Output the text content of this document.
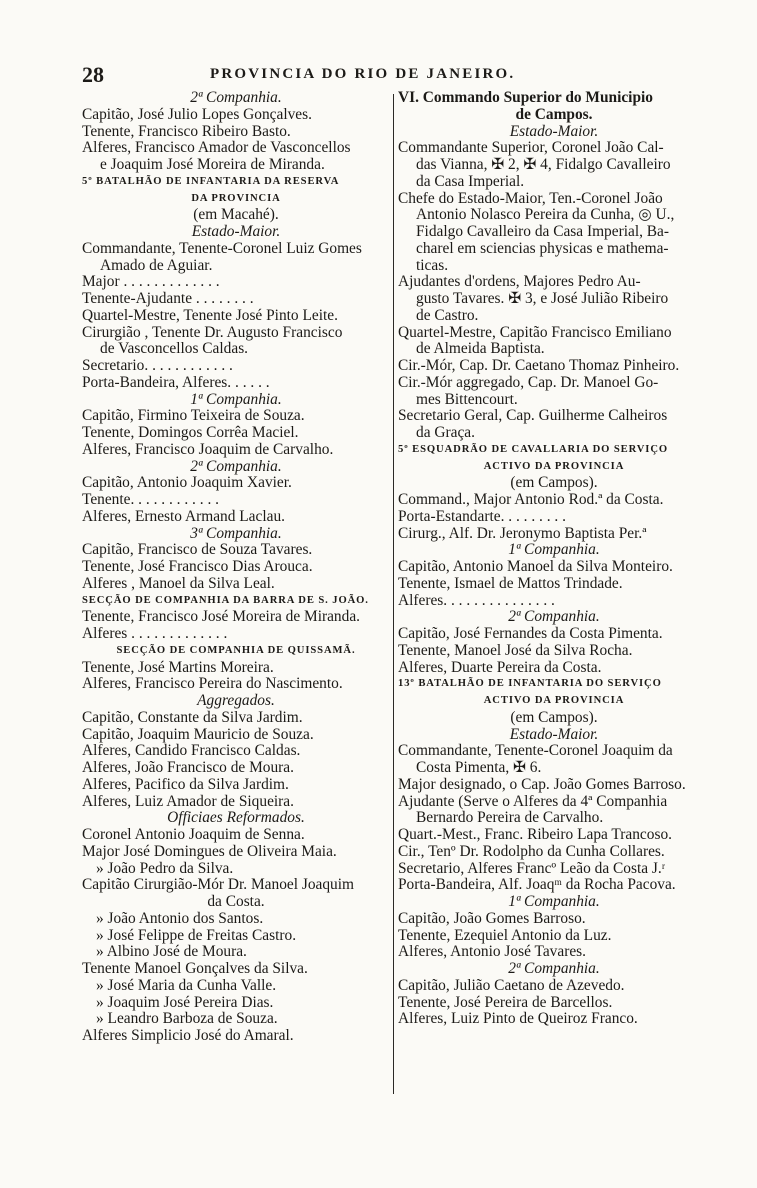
28	PROVINCIA DO RIO DE JANEIRO.
2ª Companhia.
Capitão, José Julio Lopes Gonçalves.
Tenente, Francisco Ribeiro Basto.
Alferes, Francisco Amador de Vasconcellos
e Joaquim José Moreira de Miranda.
5º BATALHÃO DE INFANTARIA DA RESERVA
DA PROVINCIA
(em Macahé).
Estado-Maior.
Commandante, Tenente-Coronel Luiz Gomes
Amado de Aguiar.
Major . . . . . . . . . . . . .
Tenente-Ajudante . . . . . . . .
Quartel-Mestre, Tenente José Pinto Leite.
Cirurgião , Tenente Dr. Augusto Francisco
de Vasconcellos Caldas.
Secretario. . . . . . . . . . . .
Porta-Bandeira, Alferes. . . . . .
1ª Companhia.
Capitão, Firmino Teixeira de Souza.
Tenente, Domingos Corrêa Maciel.
Alferes, Francisco Joaquim de Carvalho.
2ª Companhia.
Capitão, Antonio Joaquim Xavier.
Tenente. . . . . . . . . . . .
Alferes, Ernesto Armand Laclau.
3ª Companhia.
Capitão, Francisco de Souza Tavares.
Tenente, José Francisco Dias Arouca.
Alferes , Manoel da Silva Leal.
SECÇÃO DE COMPANHIA DA BARRA DE S. JOÃO.
Tenente, Francisco José Moreira de Miranda.
Alferes . . . . . . . . . . . . .
SECÇÃO DE COMPANHIA DE QUISSAMÃ.
Tenente, José Martins Moreira.
Alferes, Francisco Pereira do Nascimento.
Aggregados.
Capitão, Constante da Silva Jardim.
Capitão, Joaquim Mauricio de Souza.
Alferes, Candido Francisco Caldas.
Alferes, João Francisco de Moura.
Alferes, Pacifico da Silva Jardim.
Alferes, Luiz Amador de Siqueira.
Officiaes Reformados.
Coronel Antonio Joaquim de Senna.
Major José Domingues de Oliveira Maia.
» João Pedro da Silva.
Capitão Cirurgião-Mór Dr. Manoel Joaquim
da Costa.
» João Antonio dos Santos.
» José Felippe de Freitas Castro.
» Albino José de Moura.
Tenente Manoel Gonçalves da Silva.
» José Maria da Cunha Valle.
» Joaquim José Pereira Dias.
» Leandro Barboza de Souza.
Alferes Simplicio José do Amaral.
VI. Commando Superior do Municipio
de Campos.
Estado-Maior.
Commandante Superior, Coronel João Cal-
das Vianna, ✠ 2, ✠ 4, Fidalgo Cavalleiro
da Casa Imperial.
Chefe do Estado-Maior, Ten.-Coronel João
Antonio Nolasco Pereira da Cunha, ◎ U.,
Fidalgo Cavalleiro da Casa Imperial, Ba-
charel em sciencias physicas e mathema-
ticas.
Ajudantes d'ordens, Majores Pedro Au-
gusto Tavares. ✠ 3, e José Julião Ribeiro
de Castro.
Quartel-Mestre, Capitão Francisco Emiliano
de Almeida Baptista.
Cir.-Mór, Cap. Dr. Caetano Thomaz Pinheiro.
Cir.-Mór aggregado, Cap. Dr. Manoel Go-
mes Bittencourt.
Secretario Geral, Cap. Guilherme Calheiros
da Graça.
5º ESQUADRÃO DE CAVALLARIA DO SERVIÇO
ACTIVO DA PROVINCIA
(em Campos).
Command., Major Antonio Rod.ª da Costa.
Porta-Estandarte. . . . . . . . .
Cirurg., Alf. Dr. Jeronymo Baptista Per.ª
1ª Companhia.
Capitão, Antonio Manoel da Silva Monteiro.
Tenente, Ismael de Mattos Trindade.
Alferes. . . . . . . . . . . . . . .
2ª Companhia.
Capitão, José Fernandes da Costa Pimenta.
Tenente, Manoel José da Silva Rocha.
Alferes, Duarte Pereira da Costa.
13º BATALHÃO DE INFANTARIA DO SERVIÇO
ACTIVO DA PROVINCIA
(em Campos).
Estado-Maior.
Commandante, Tenente-Coronel Joaquim da
Costa Pimenta, ✠ 6.
Major designado, o Cap. João Gomes Barroso.
Ajudante (Serve o Alferes da 4ª Companhia
Bernardo Pereira de Carvalho.
Quart.-Mest., Franc. Ribeiro Lapa Trancoso.
Cir., Tenº Dr. Rodolpho da Cunha Collares.
Secretario, Alferes Francº Leão da Costa J.ʳ
Porta-Bandeira, Alf. Joaqᵐ da Rocha Pacova.
1ª Companhia.
Capitão, João Gomes Barroso.
Tenente, Ezequiel Antonio da Luz.
Alferes, Antonio José Tavares.
2ª Companhia.
Capitão, Julião Caetano de Azevedo.
Tenente, José Pereira de Barcellos.
Alferes, Luiz Pinto de Queiroz Franco.
